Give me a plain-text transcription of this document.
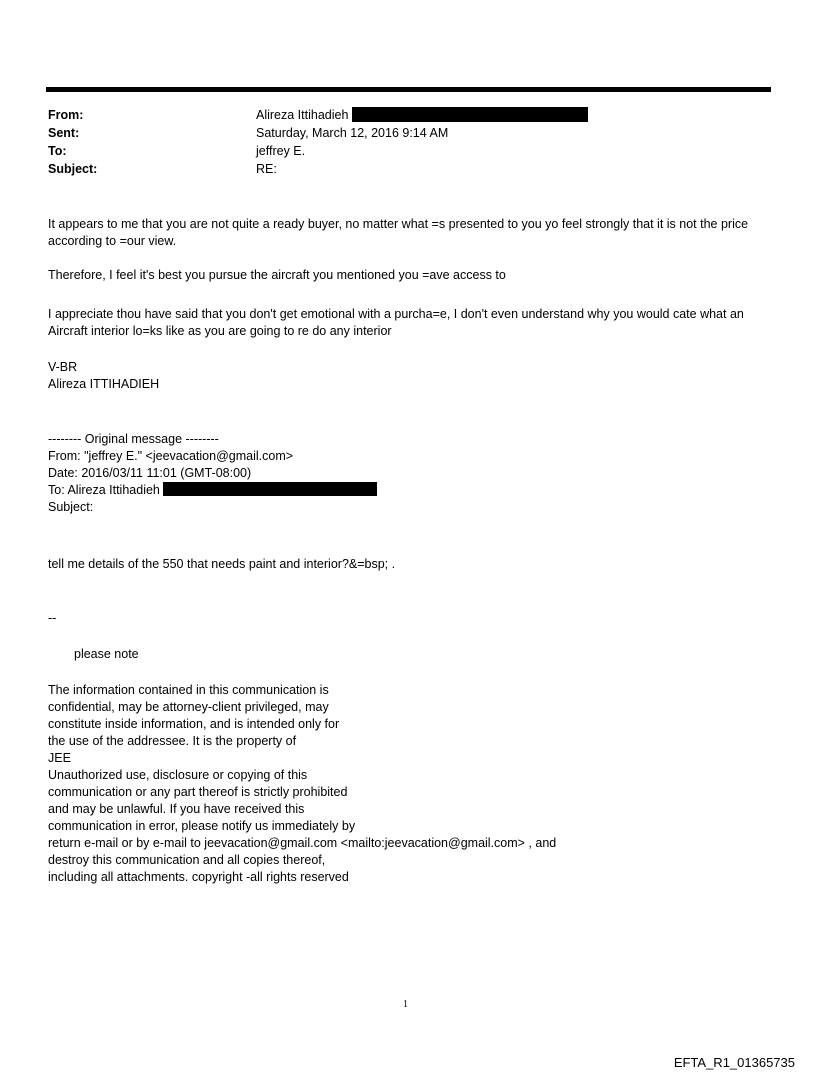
From:	Alireza Ittihadieh
Sent:	Saturday, March 12, 2016 9:14 AM
To:	jeffrey E.
Subject:	RE:
It appears to me that you are not quite a ready buyer, no matter what =s presented to you yo feel strongly that it is not the price according to =our view.
Therefore, I feel it's best you pursue the aircraft you mentioned you =ave access to
I appreciate thou have said that you don't get emotional with a purcha=e, I don't even understand why you would cate what an Aircraft interior lo=ks like as you are going to re do any interior
V-BR
Alireza ITTIHADIEH
-------- Original message --------
From: "jeffrey E." <jeevacation@gmail.com>
Date: 2016/03/11 11:01 (GMT-08:00)
To: Alireza Ittihadieh
Subject:
tell me details of the 550 that needs paint and interior?&=bsp; .
--
please note
The information contained in this communication is
confidential, may be attorney-client privileged, may
constitute inside information, and is intended only for
the use of the addressee. It is the property of
JEE
Unauthorized use, disclosure or copying of this
communication or any part thereof is strictly prohibited
and may be unlawful. If you have received this
communication in error, please notify us immediately by
return e-mail or by e-mail to jeevacation@gmail.com <mailto:jeevacation@gmail.com> , and
destroy this communication and all copies thereof,
including all attachments. copyright -all rights reserved
1
EFTA_R1_01365735
